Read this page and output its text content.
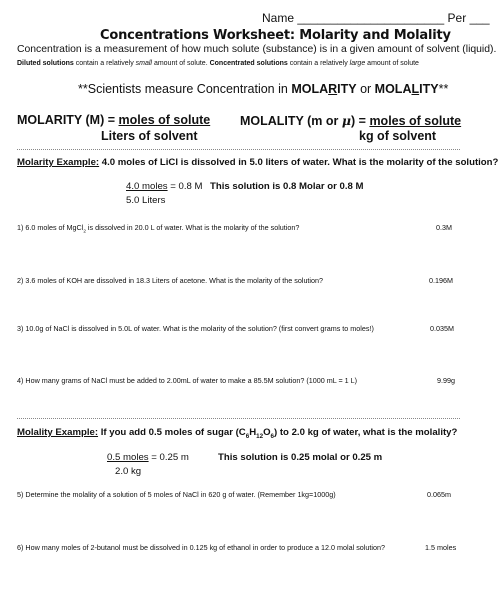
Name ______________________ Per ___
Concentrations Worksheet: Molarity and Molality
Concentration is a measurement of how much solute (substance) is in a given amount of solvent (liquid).
Diluted solutions contain a relatively small amount of solute. Concentrated solutions contain a relatively large amount of solute
**Scientists measure Concentration in MOLARITY or MOLALITY**
MOLARITY (M) = moles of solute
Liters of solvent
MOLALITY (m or μ) = moles of solute
kg of solvent
Molarity Example: 4.0 moles of LiCl is dissolved in 5.0 liters of water. What is the molarity of the solution?
4.0 moles = 0.8 M This solution is 0.8 Molar or 0.8 M
5.0 Liters
1) 6.0 moles of MgCl$_2$ is dissolved in 20.0 L of water. What is the molarity of the solution?	0.3M
2) 3.6 moles of KOH are dissolved in 18.3 Liters of acetone. What is the molarity of the solution?	0.196M
3) 10.0g of NaCl is dissolved in 5.0L of water. What is the molarity of the solution? (first convert grams to moles!)	0.035M
4) How many grams of NaCl must be added to 2.00mL of water to make a 85.5M solution? (1000 mL = 1 L)	9.99g
Molality Example: If you add 0.5 moles of sugar $(C_6H_{12}O_6)$ to 2.0 kg of water, what is the molality?
0.5 moles = 0.25 m	This solution is 0.25 molal or 0.25 m
2.0 kg
5) Determine the molality of a solution of 5 moles of NaCl in 620 g of water. (Remember 1kg=1000g)	0.065m
6) How many moles of 2-butanol must be dissolved in 0.125 kg of ethanol in order to produce a 12.0 molal solution?	1.5 moles
